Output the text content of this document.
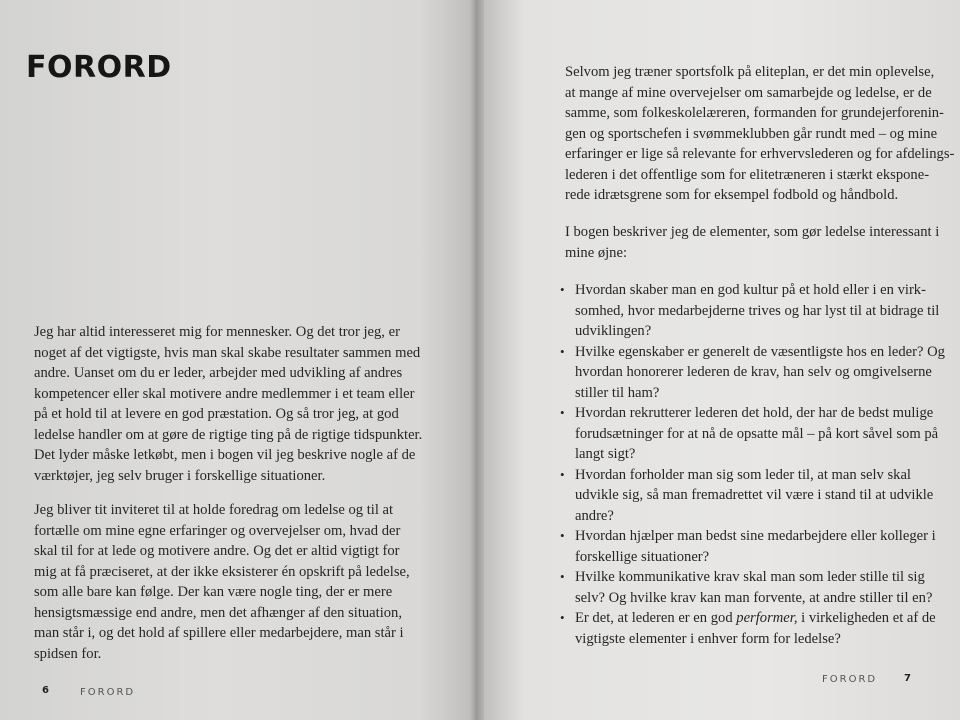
FORORD

Jeg har altid interesseret mig for mennesker. Og det tror jeg, er
noget af det vigtigste, hvis man skal skabe resultater sammen med
andre. Uanset om du er leder, arbejder med udvikling af andres
kompetencer eller skal motivere andre medlemmer i et team eller
på et hold til at levere en god præstation. Og så tror jeg, at god
ledelse handler om at gøre de rigtige ting på de rigtige tidspunkter.
Det lyder måske letkøbt, men i bogen vil jeg beskrive nogle af de
værktøjer, jeg selv bruger i forskellige situationer.

Jeg bliver tit inviteret til at holde foredrag om ledelse og til at
fortælle om mine egne erfaringer og overvejelser om, hvad der
skal til for at lede og motivere andre. Og det er altid vigtigt for
mig at få præciseret, at der ikke eksisterer én opskrift på ledelse,
som alle bare kan følge. Der kan være nogle ting, der er mere
hensigtsmæssige end andre, men det afhænger af den situation,
man står i, og det hold af spillere eller medarbejdere, man står i
spidsen for.

6	FORORD

Selvom jeg træner sportsfolk på eliteplan, er det min oplevelse,
at mange af mine overvejelser om samarbejde og ledelse, er de
samme, som folkeskolelæreren, formanden for grundejerforenin-
gen og sportschefen i svømmeklubben går rundt med – og mine
erfaringer er lige så relevante for erhvervslederen og for afdelings-
lederen i det offentlige som for elitetræneren i stærkt ekspone-
rede idrætsgrene som for eksempel fodbold og håndbold.

I bogen beskriver jeg de elementer, som gør ledelse interessant i
mine øjne:

• Hvordan skaber man en god kultur på et hold eller i en virk-
somhed, hvor medarbejderne trives og har lyst til at bidrage til
udviklingen?
• Hvilke egenskaber er generelt de væsentligste hos en leder? Og
hvordan honorerer lederen de krav, han selv og omgivelserne
stiller til ham?
• Hvordan rekrutterer lederen det hold, der har de bedst mulige
forudsætninger for at nå de opsatte mål – på kort såvel som på
langt sigt?
• Hvordan forholder man sig som leder til, at man selv skal
udvikle sig, så man fremadrettet vil være i stand til at udvikle
andre?
• Hvordan hjælper man bedst sine medarbejdere eller kolleger i
forskellige situationer?
• Hvilke kommunikative krav skal man som leder stille til sig
selv? Og hvilke krav kan man forvente, at andre stiller til en?
• Er det, at lederen er en god performer, i virkeligheden et af de
vigtigste elementer i enhver form for ledelse?
FORORD	7
